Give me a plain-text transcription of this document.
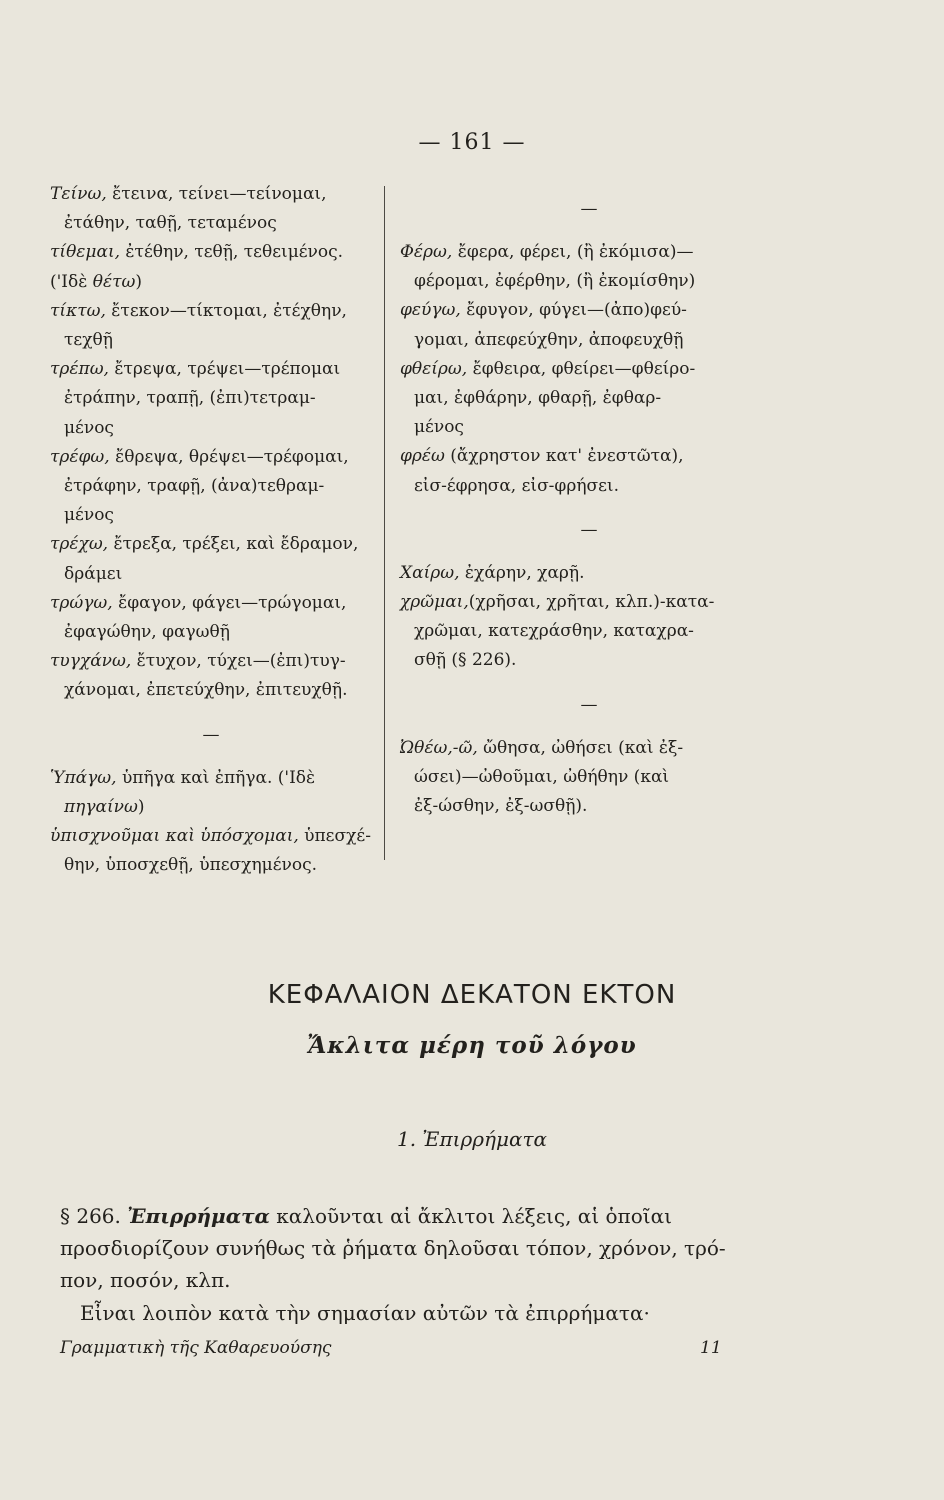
— 161 —
Τείνω, ἔτεινα, τείνει—τείνομαι,
ἐτάθην, ταθῇ, τεταμένος
τίθεμαι, ἐτέθην, τεθῇ, τεθειμένος.
('Ιδὲ θέτω)
τίκτω, ἔτεκον—τίκτομαι, ἐτέχθην,
τεχθῇ
τρέπω, ἔτρεψα, τρέψει—τρέπομαι
ἐτράπην, τραπῇ, (ἐπι)τετραμ-
μένος
τρέφω, ἔθρεψα, θρέψει—τρέφομαι,
ἐτράφην, τραφῇ, (ἀνα)τεθραμ-
μένος
τρέχω, ἔτρεξα, τρέξει, καὶ ἔδραμον,
δράμει
τρώγω, ἔφαγον, φάγει—τρώγομαι,
ἐφαγώθην, φαγωθῇ
τυγχάνω, ἔτυχον, τύχει—(ἐπι)τυγ-
χάνομαι, ἐπετεύχθην, ἐπιτευχθῇ.
—
Ὑπάγω, ὑπῆγα καὶ ἐπῆγα. ('Ιδὲ
πηγαίνω)
ὑπισχνοῦμαι καὶ ὑπόσχομαι, ὑπεσχέ-
θην, ὑποσχεθῇ, ὑπεσχημένος.
—
Φέρω, ἔφερα, φέρει, (ἢ ἐκόμισα)—
φέρομαι, ἐφέρθην, (ἢ ἐκομίσθην)
φεύγω, ἔφυγον, φύγει—(ἀπο)φεύ-
γομαι, ἀπεφεύχθην, ἀποφευχθῇ
φθείρω, ἔφθειρα, φθείρει—φθείρο-
μαι, ἐφθάρην, φθαρῇ, ἐφθαρ-
μένος
φρέω (ἄχρηστον κατ' ἐνεστῶτα),
εἰσ-έφρησα, εἰσ-φρήσει.
—
Χαίρω, ἐχάρην, χαρῇ.
χρῶμαι,(χρῆσαι, χρῆται, κλπ.)-κατα-
χρῶμαι, κατεχράσθην, καταχρα-
σθῇ (§ 226).
—
Ὠθέω,-ῶ, ὤθησα, ὠθήσει (καὶ ἐξ-
ώσει)—ὠθοῦμαι, ὠθήθην (καὶ
ἐξ-ώσθην, ἐξ-ωσθῇ).
ΚΕΦΑΛΑΙΟΝ ΔΕΚΑΤΟΝ ΕΚΤΟΝ
Ἄκλιτα μέρη τοῦ λόγου
1. Ἐπιρρήματα
§ 266. Ἐπιρρήματα καλοῦνται αἱ ἄκλιτοι λέξεις, αἱ ὁποῖαι
προσδιορίζουν συνήθως τὰ ῥήματα δηλοῦσαι τόπον, χρόνον, τρό-
πον, ποσόν, κλπ.
Εἶναι λοιπὸν κατὰ τὴν σημασίαν αὐτῶν τὰ ἐπιρρήματα·
Γραμματικὴ τῆς Καθαρευούσης	11
